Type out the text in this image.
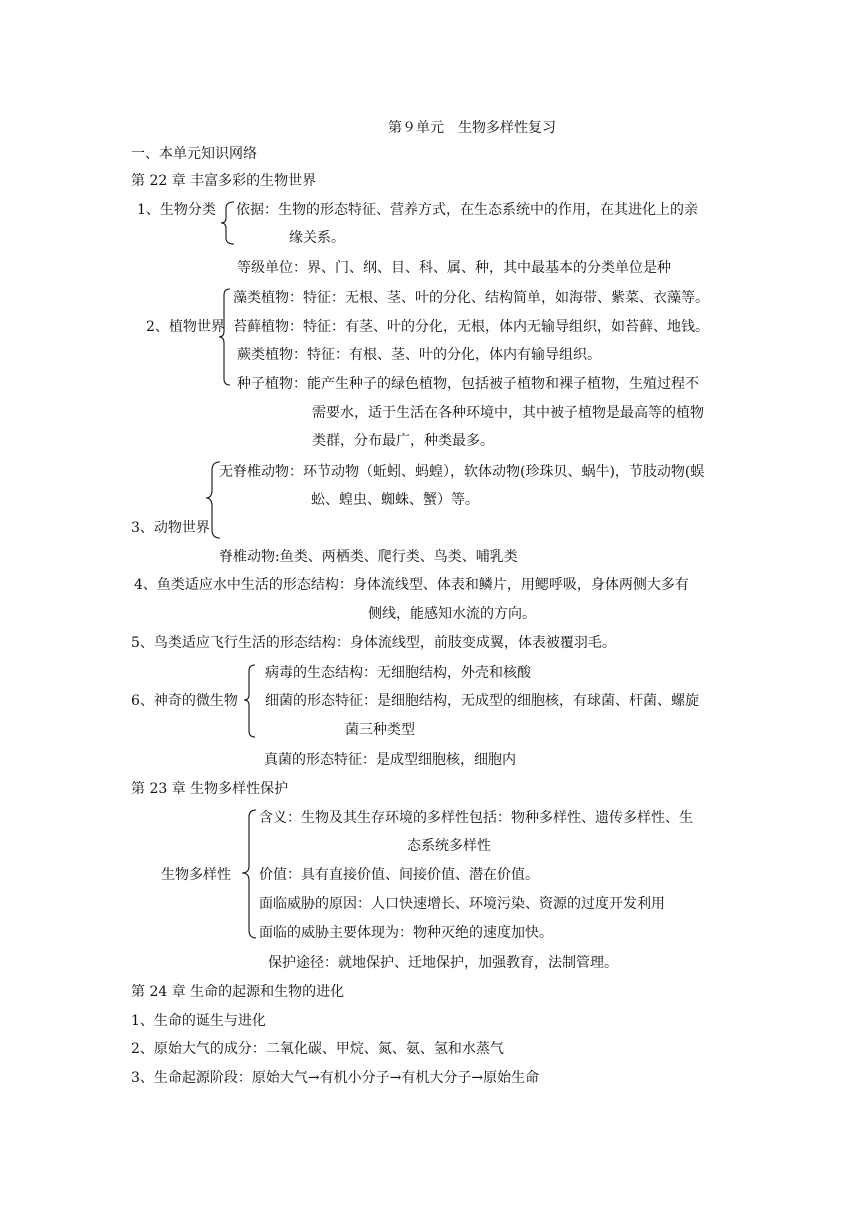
第９单元　生物多样性复习
一、本单元知识网络
第 22 章 丰富多彩的生物世界
1、生物分类 依据：生物的形态特征、营养方式，在生态系统中的作用，在其进化上的亲
缘关系。
等级单位：界、门、纲、目、科、属、种，其中最基本的分类单位是种
2、植物世界
藻类植物：特征：无根、茎、叶的分化、结构简单，如海带、紫菜、衣藻等。
苔藓植物：特征：有茎、叶的分化，无根，体内无输导组织，如苔藓、地钱。
蕨类植物：特征：有根、茎、叶的分化，体内有输导组织。
种子植物：能产生种子的绿色植物，包括被子植物和裸子植物，生殖过程不
需要水，适于生活在各种环境中，其中被子植物是最高等的植物
类群，分布最广，种类最多。
无脊椎动物：环节动物（蚯蚓、蚂蝗），软体动物(珍珠贝、蜗牛)，节肢动物(蜈
蚣、蝗虫、蜘蛛、蟹）等。
3、动物世界
脊椎动物:鱼类、两栖类、爬行类、鸟类、哺乳类
4、鱼类适应水中生活的形态结构：身体流线型、体表和鳞片，用鳃呼吸，身体两侧大多有
侧线，能感知水流的方向。
5、鸟类适应飞行生活的形态结构：身体流线型，前肢变成翼，体表被覆羽毛。
6、神奇的微生物
病毒的生态结构：无细胞结构，外壳和核酸
细菌的形态特征：是细胞结构，无成型的细胞核，有球菌、杆菌、螺旋
菌三种类型
真菌的形态特征：是成型细胞核，细胞内
第 23 章 生物多样性保护
生物多样性
含义：生物及其生存环境的多样性包括：物种多样性、遗传多样性、生
态系统多样性
价值：具有直接价值、间接价值、潜在价值。
面临威胁的原因：人口快速增长、环境污染、资源的过度开发利用
面临的威胁主要体现为：物种灭绝的速度加快。
保护途径：就地保护、迁地保护，加强教育，法制管理。
第 24 章 生命的起源和生物的进化
1、生命的诞生与进化
2、原始大气的成分：二氧化碳、甲烷、氮、氨、氢和水蒸气
3、生命起源阶段：原始大气→有机小分子→有机大分子→原始生命
